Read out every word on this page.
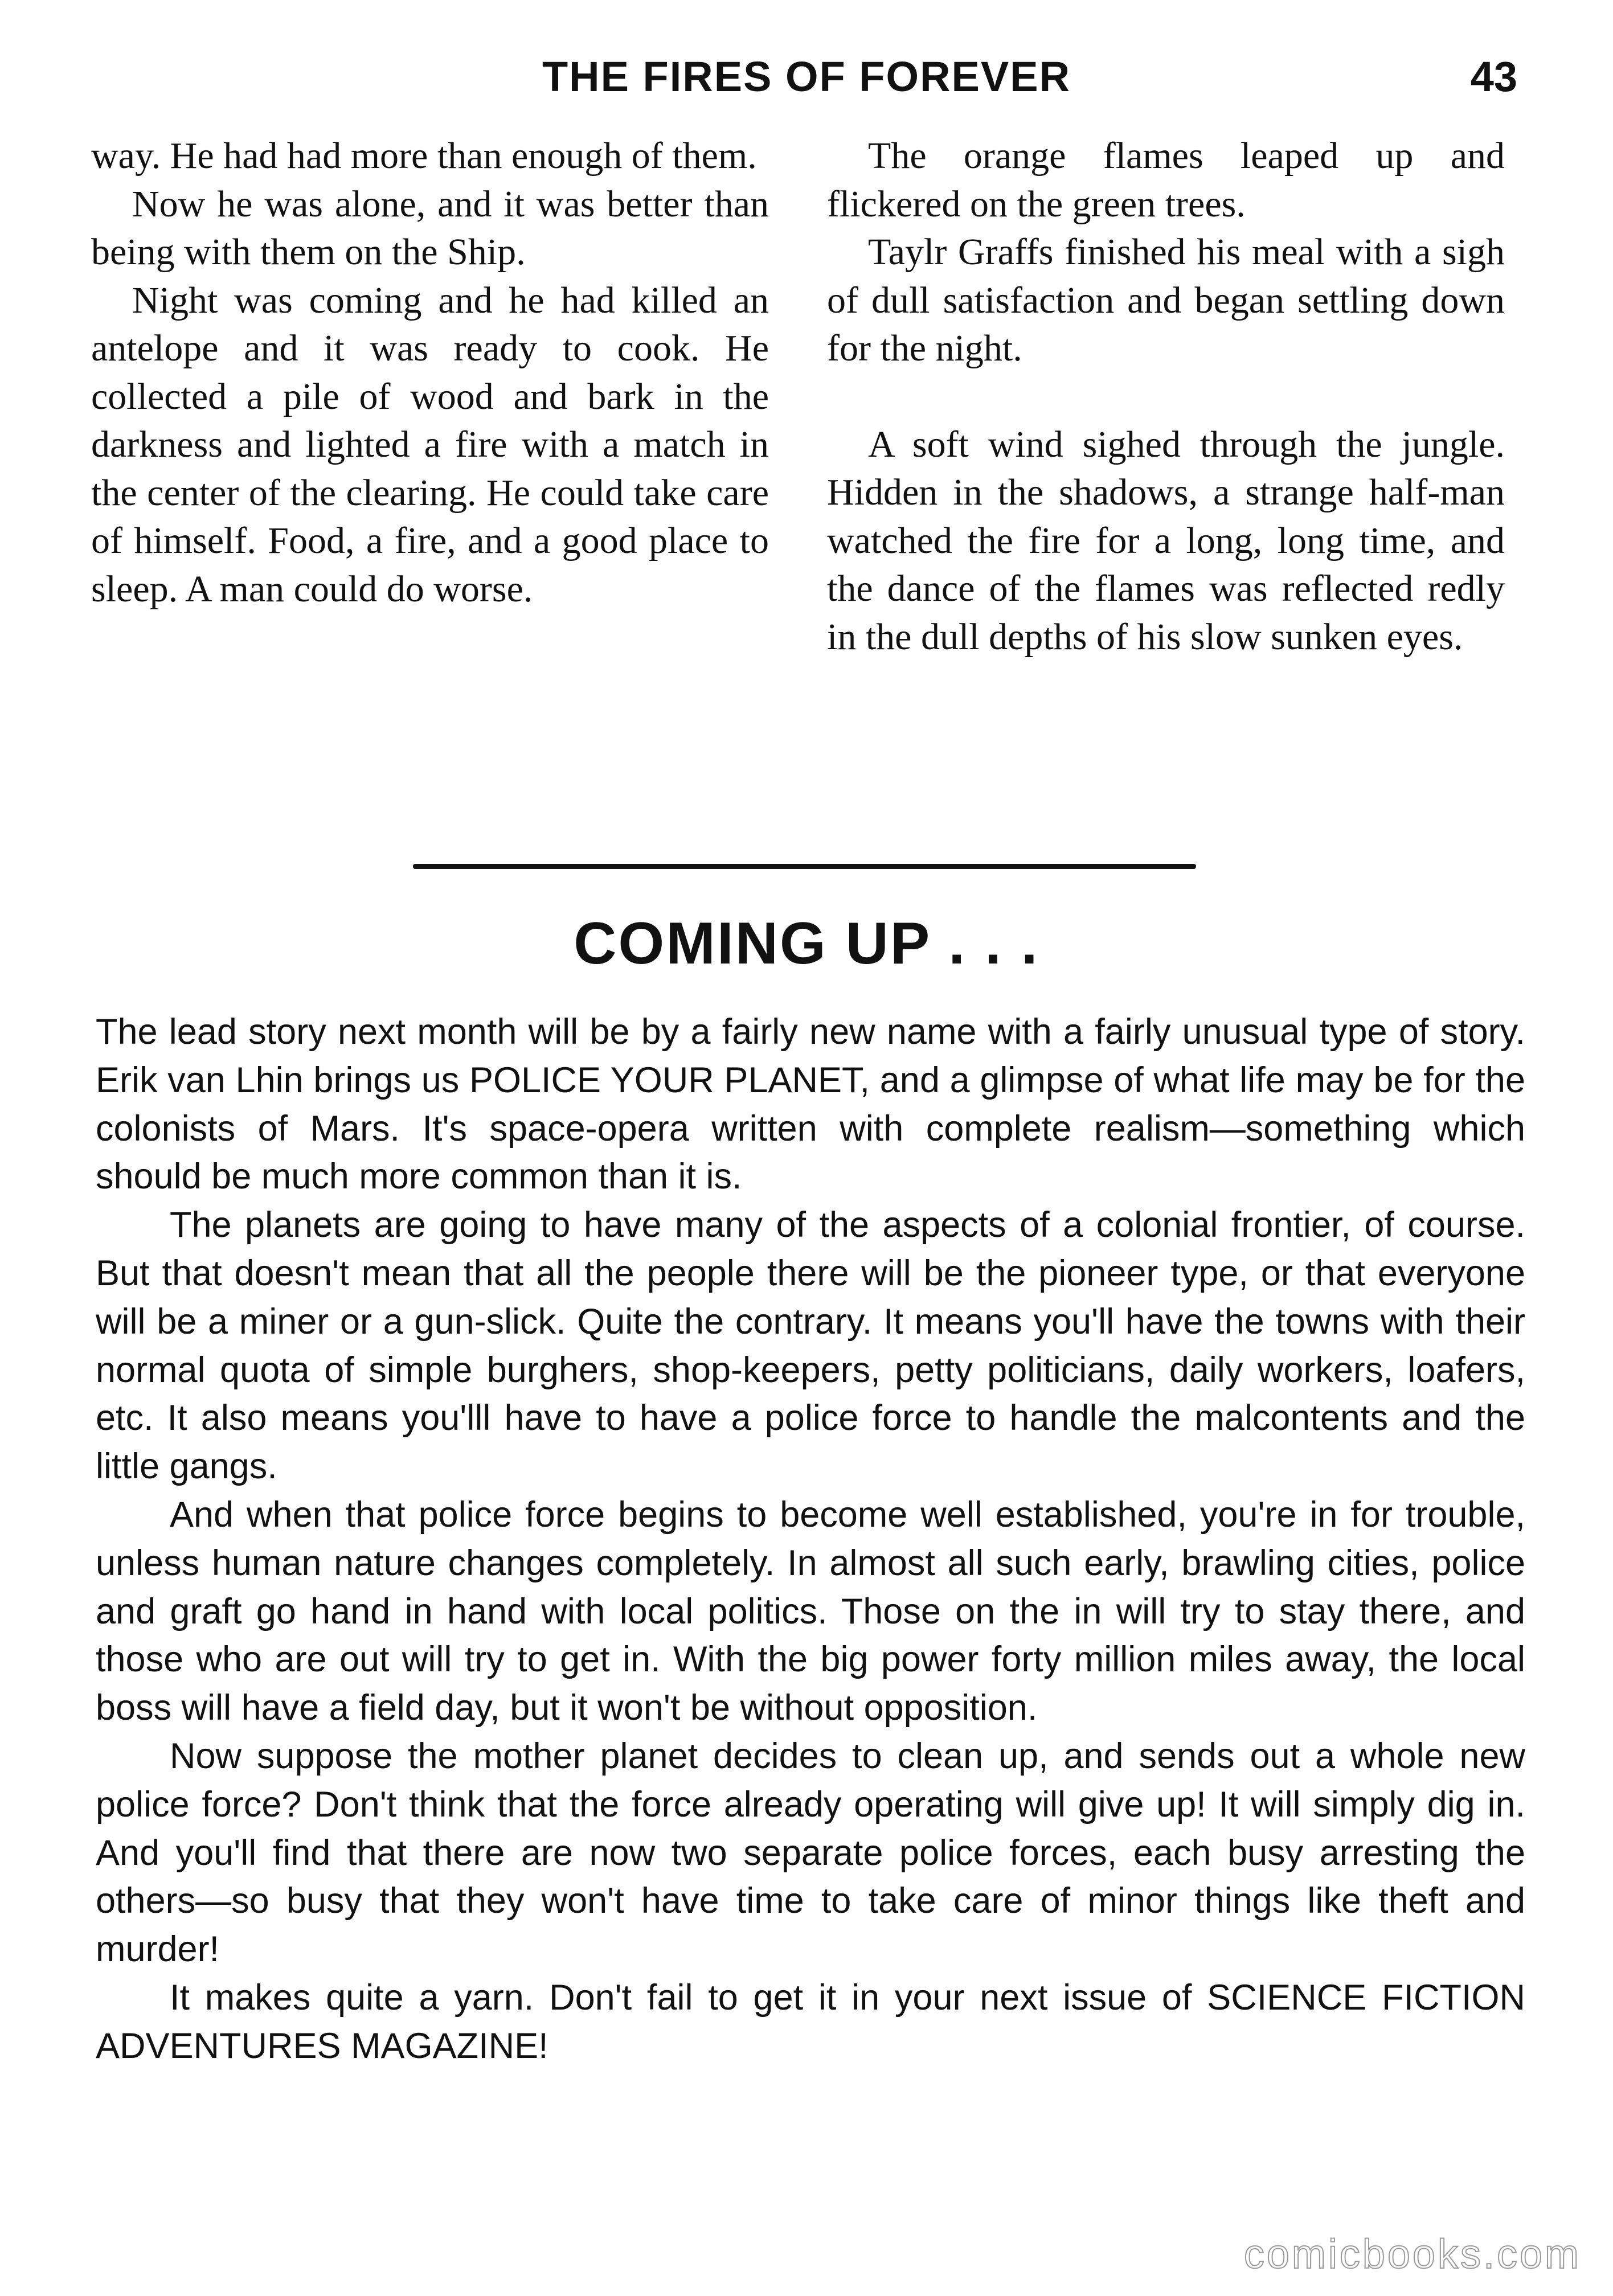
THE FIRES OF FOREVER	43

way. He had had more than enough of them.

Now he was alone, and it was better than being with them on the Ship.

Night was coming and he had killed an antelope and it was ready to cook. He collected a pile of wood and bark in the darkness and lighted a fire with a match in the center of the clearing. He could take care of himself. Food, a fire, and a good place to sleep. A man could do worse.

The orange flames leaped up and flickered on the green trees.

Taylr Graffs finished his meal with a sigh of dull satisfaction and began settling down for the night.

A soft wind sighed through the jungle. Hidden in the shadows, a strange half-man watched the fire for a long, long time, and the dance of the flames was reflected redly in the dull depths of his slow sunken eyes.

COMING UP . . .

The lead story next month will be by a fairly new name with a fairly unusual type of story. Erik van Lhin brings us POLICE YOUR PLANET, and a glimpse of what life may be for the colonists of Mars. It's space-opera written with complete realism—something which should be much more common than it is.

The planets are going to have many of the aspects of a colonial frontier, of course. But that doesn't mean that all the people there will be the pioneer type, or that everyone will be a miner or a gun-slick. Quite the contrary. It means you'll have the towns with their normal quota of simple burghers, shop-keepers, petty politicians, daily workers, loafers, etc. It also means you'lll have to have a police force to handle the malcontents and the little gangs.

And when that police force begins to become well established, you're in for trouble, unless human nature changes completely. In almost all such early, brawling cities, police and graft go hand in hand with local politics. Those on the in will try to stay there, and those who are out will try to get in. With the big power forty million miles away, the local boss will have a field day, but it won't be without opposition.

Now suppose the mother planet decides to clean up, and sends out a whole new police force? Don't think that the force already operating will give up! It will simply dig in. And you'll find that there are now two separate police forces, each busy arresting the others—so busy that they won't have time to take care of minor things like theft and murder!

It makes quite a yarn. Don't fail to get it in your next issue of SCIENCE FICTION ADVENTURES MAGAZINE!

comicbooks.com
